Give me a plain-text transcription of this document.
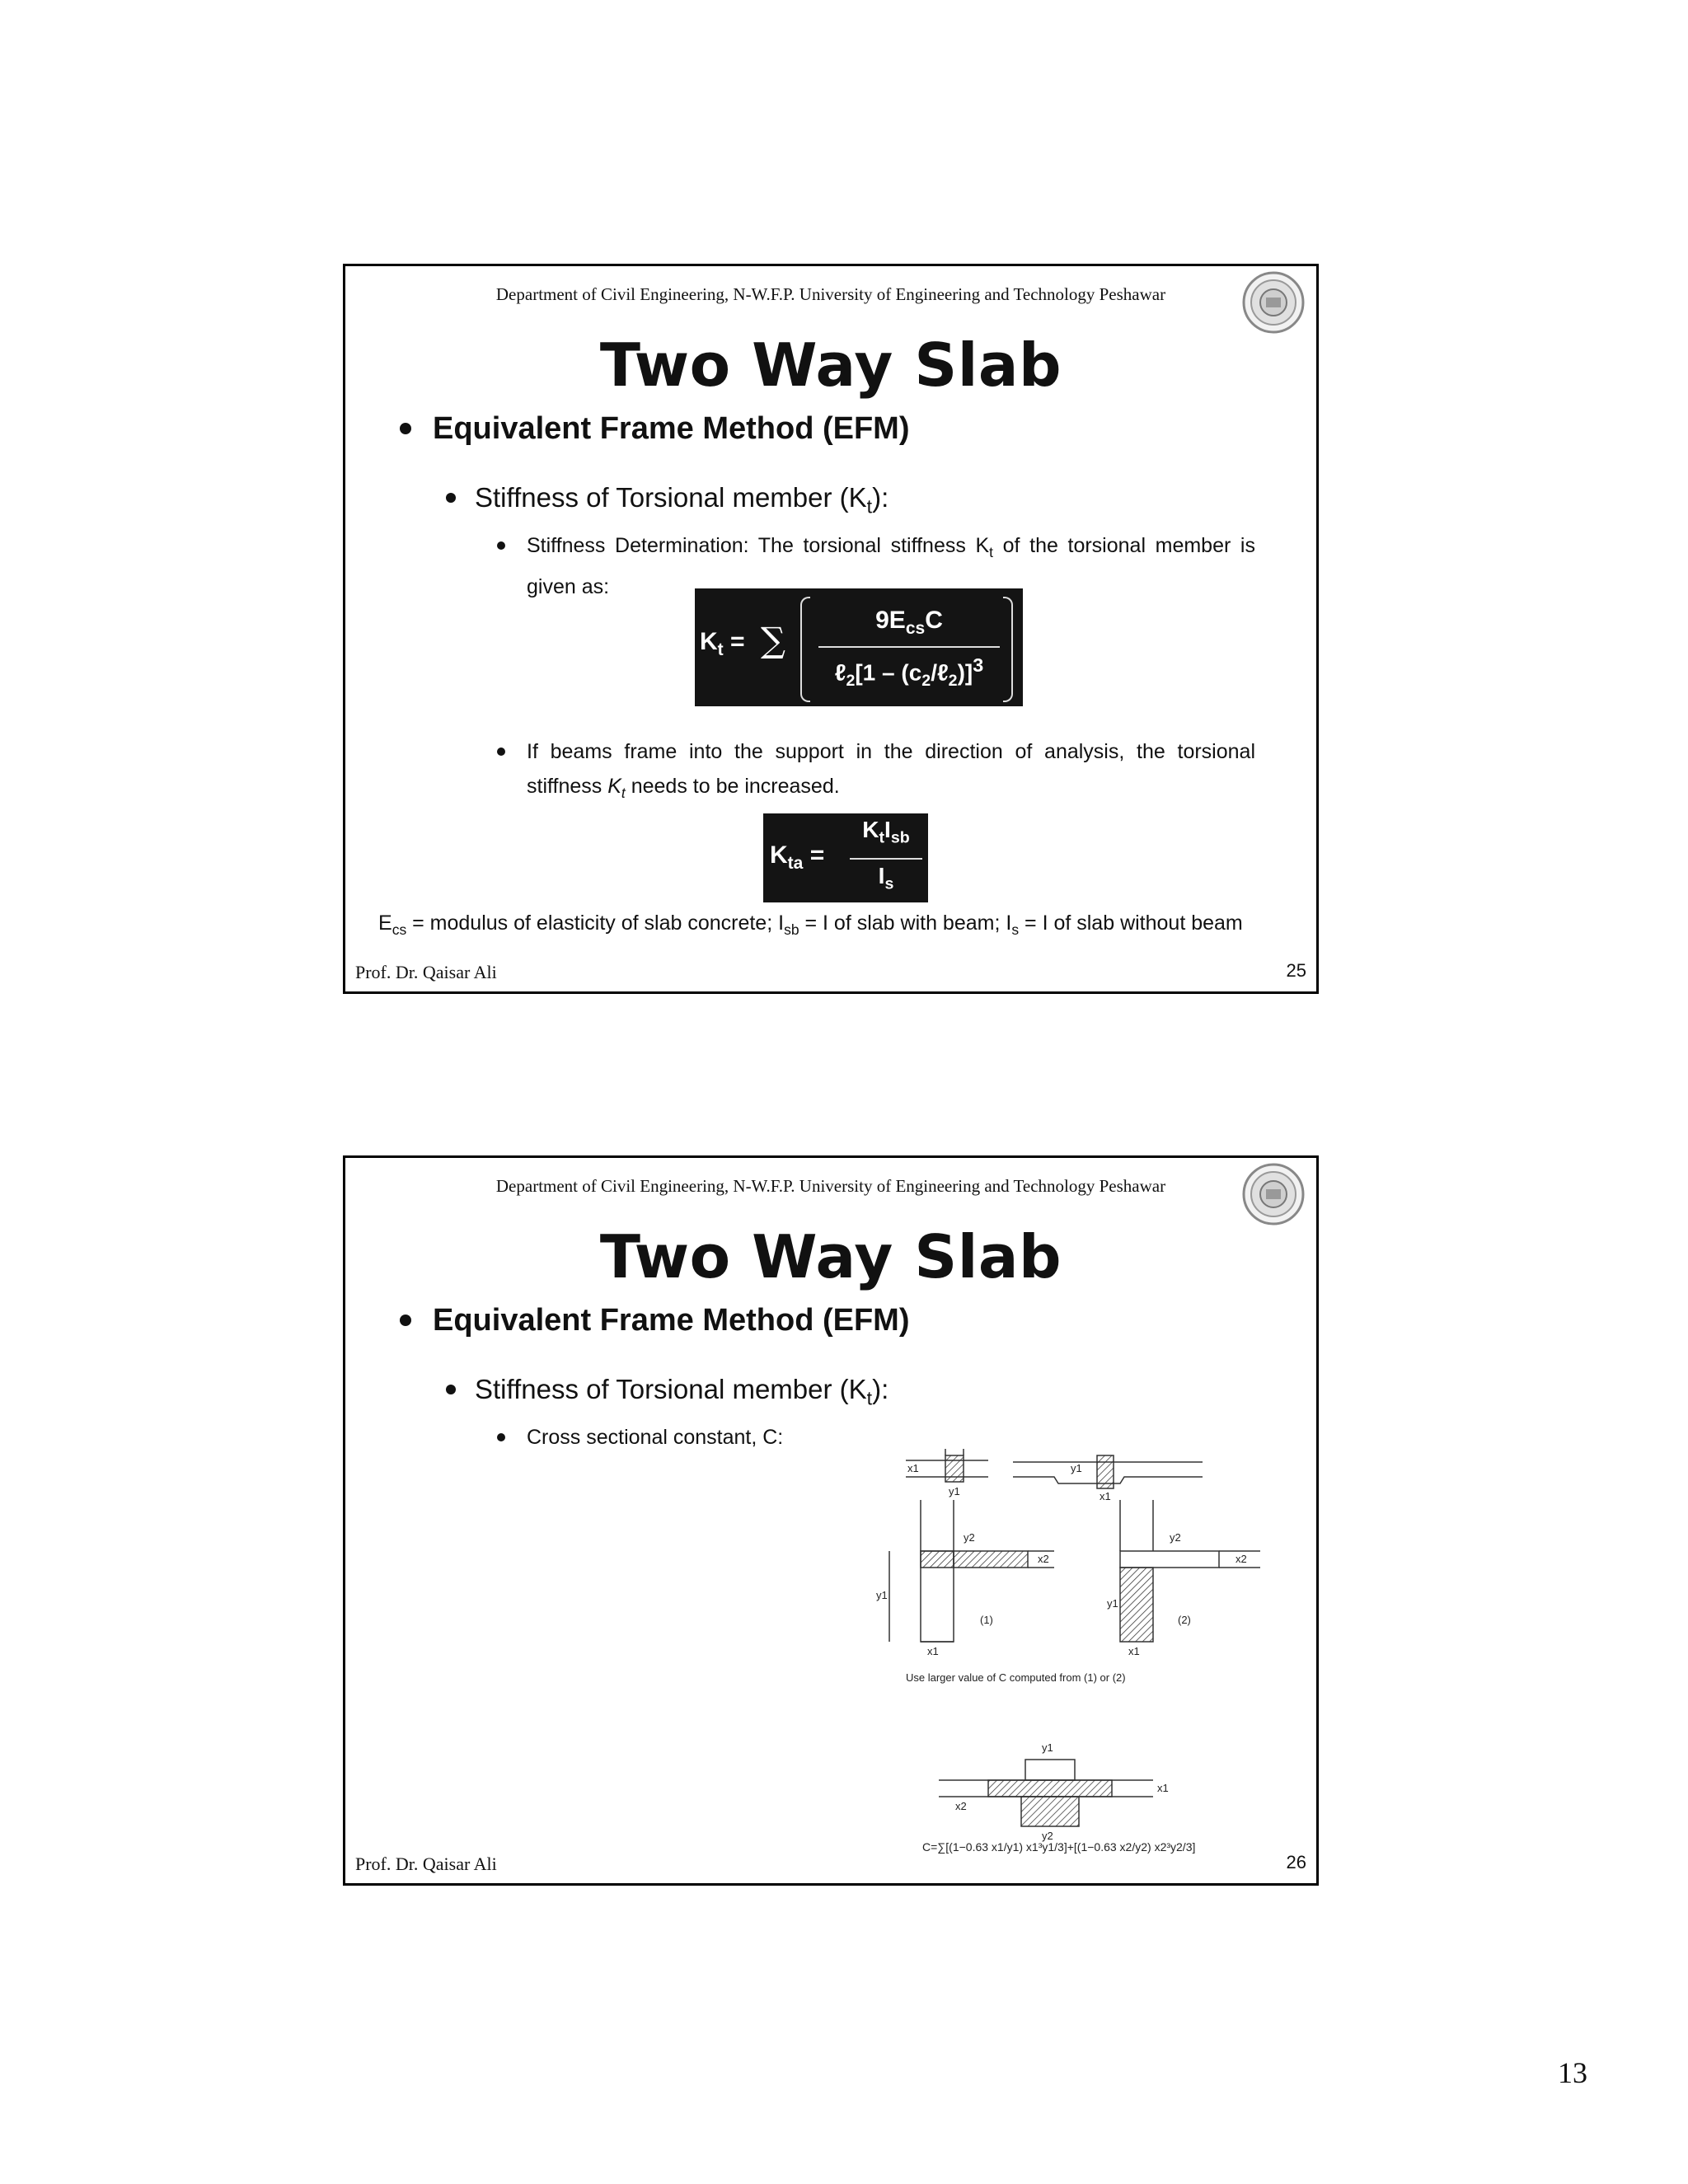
Department of Civil Engineering, N-W.F.P. University of Engineering and Technology Peshawar
Two Way Slab
Equivalent Frame Method (EFM)
Stiffness of Torsional member $(K_t)$:
Stiffness Determination: The torsional stiffness $K_t$ of the torsional member is given as:
$K_t$ = ∑	$9E_{cs}C$
ℓ$_2$[1 – $(c_2/\ell_2)]^3$
If beams frame into the support in the direction of analysis, the torsional stiffness $K_t$ needs to be increased.
$K_{ta}$ =
$K_tI_{sb}$
$I_s$
$E_{cs}$ = modulus of elasticity of slab concrete; $I_{sb} = I$ of slab with beam; $I_s = I$ of slab without beam
Prof. Dr. Qaisar Ali	25
Department of Civil Engineering, N-W.F.P. University of Engineering and Technology Peshawar
Two Way Slab
Equivalent Frame Method (EFM)
Stiffness of Torsional member $(K_t)$:
Cross sectional constant, C:
x1
y1
y1
x1
y2
x2
y1
x1
(1)
y2
x2
y1
x1
(2)
Use larger value of C computed from (1) or (2)
y1
x1
x2
y2
C=∑[(1−0.63 x1/y1) x1³y1/3]+[(1−0.63 x2/y2) x2³y2/3]
Prof. Dr. Qaisar Ali	26
13
